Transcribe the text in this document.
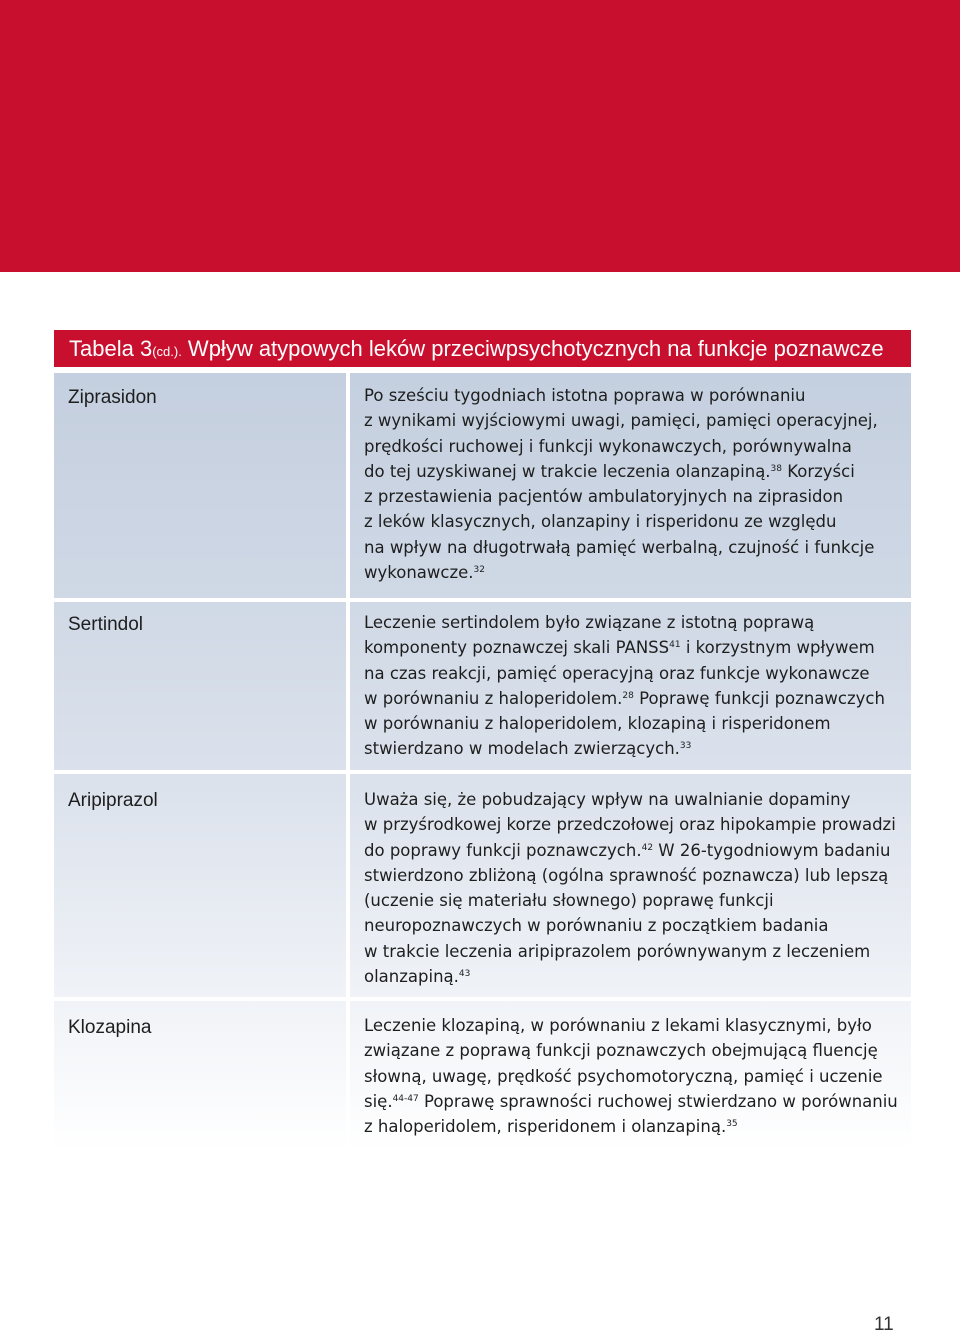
Tabela 3(cd.). Wpływ atypowych leków przeciwpsychotycznych na funkcje poznawcze
Ziprasidon	Po sześciu tygodniach istotna poprawa w porównaniu
z wynikami wyjściowymi uwagi, pamięci, pamięci operacyjnej,
prędkości ruchowej i funkcji wykonawczych, porównywalna
do tej uzyskiwanej w trakcie leczenia olanzapiną.$^{38}$ Korzyści
z przestawienia pacjentów ambulatoryjnych na ziprasidon
z leków klasycznych, olanzapiny i risperidonu ze względu
na wpływ na długotrwałą pamięć werbalną, czujność i funkcje
wykonawcze.$^{32}$
Sertindol	Leczenie sertindolem było związane z istotną poprawą
komponenty poznawczej skali PANSS$^{41}$ i korzystnym wpływem
na czas reakcji, pamięć operacyjną oraz funkcje wykonawcze
w porównaniu z haloperidolem.$^{28}$ Poprawę funkcji poznawczych
w porównaniu z haloperidolem, klozapiną i risperidonem
stwierdzano w modelach zwierzących.$^{33}$
Aripiprazol	Uważa się, że pobudzający wpływ na uwalnianie dopaminy
w przyśrodkowej korze przedczołowej oraz hipokampie prowadzi
do poprawy funkcji poznawczych.$^{42}$ W 26-tygodniowym badaniu
stwierdzono zbliżoną (ogólna sprawność poznawcza) lub lepszą
(uczenie się materiału słownego) poprawę funkcji
neuropoznawczych w porównaniu z początkiem badania
w trakcie leczenia aripiprazolem porównywanym z leczeniem
olanzapiną.$^{43}$
Klozapina	Leczenie klozapiną, w porównaniu z lekami klasycznymi, było
związane z poprawą funkcji poznawczych obejmującą fluencję
słowną, uwagę, prędkość psychomotoryczną, pamięć i uczenie
się.$^{44-47}$ Poprawę sprawności ruchowej stwierdzano w porównaniu
z haloperidolem, risperidonem i olanzapiną.$^{35}$
11
